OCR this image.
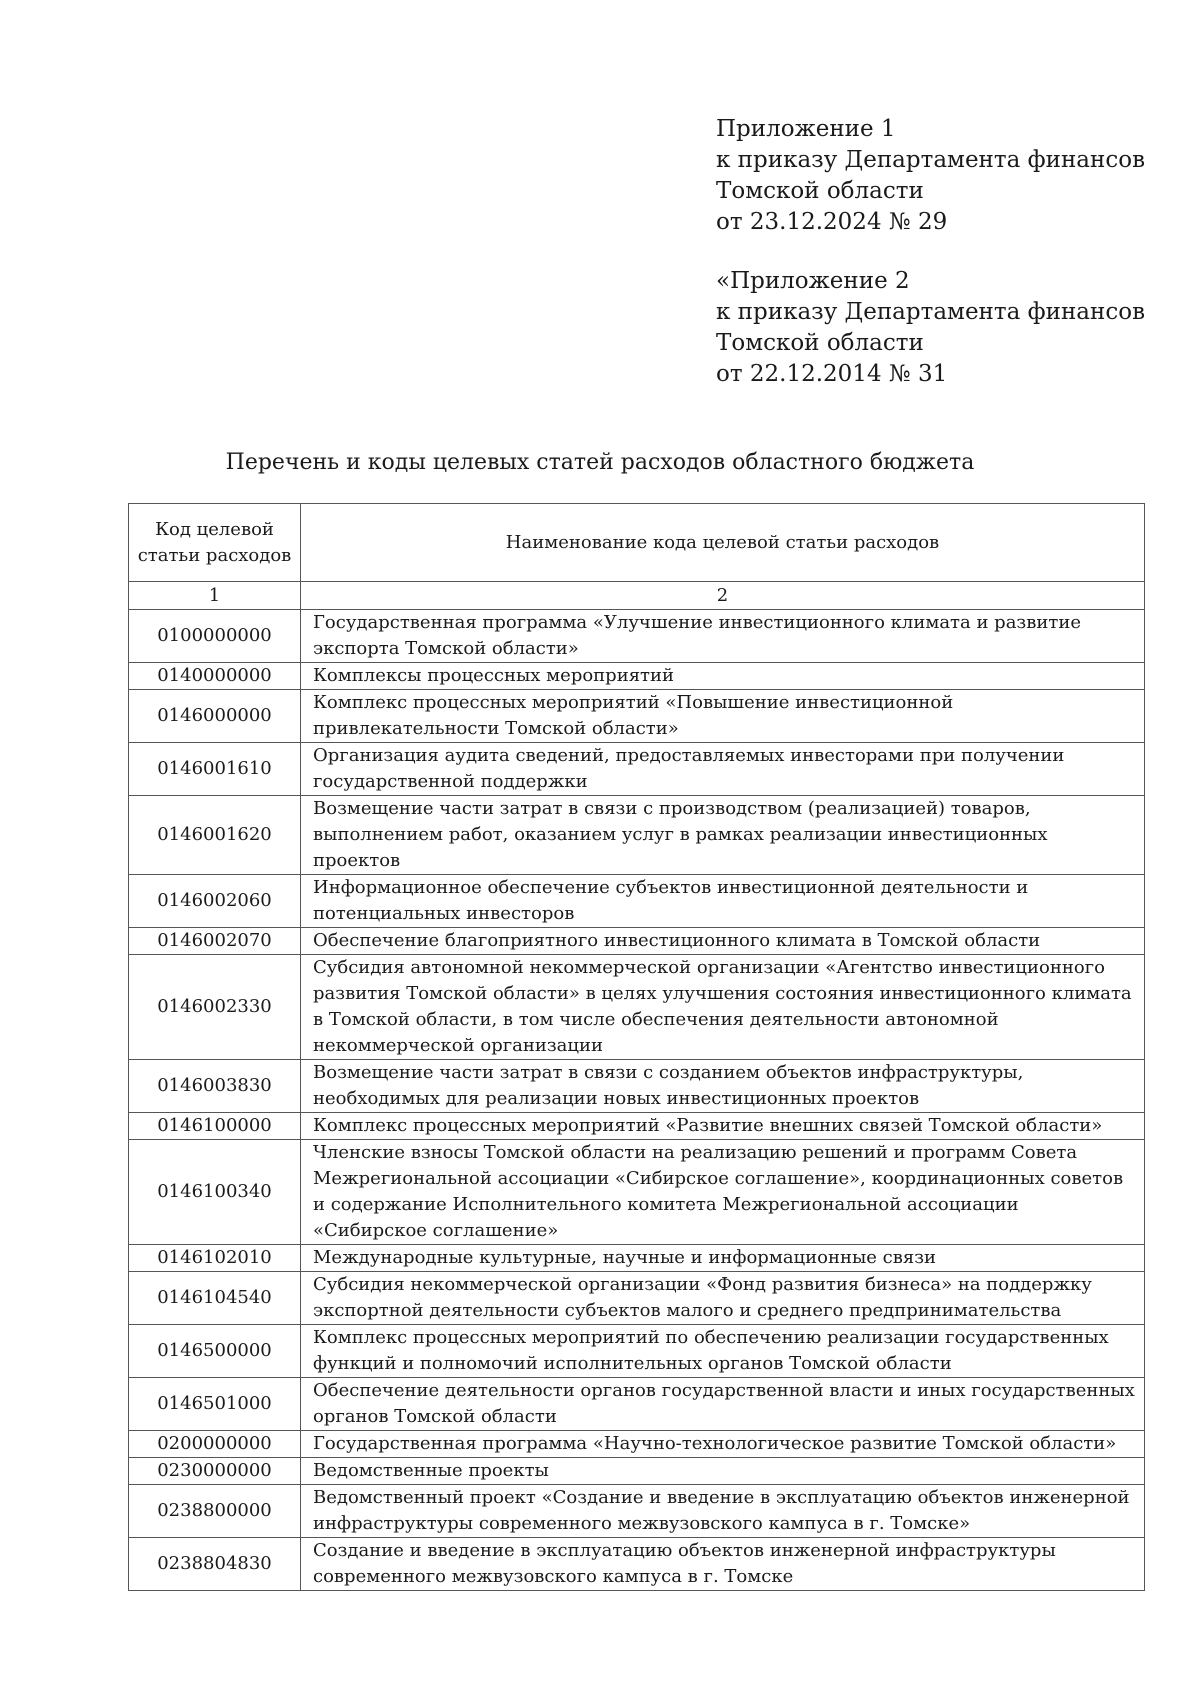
Приложение 1
к приказу Департамента финансов
Томской области
от 23.12.2024 № 29
«Приложение 2
к приказу Департамента финансов
Томской области
от 22.12.2014 № 31
Перечень и коды целевых статей расходов областного бюджета
Код целевой статьи расходов	Наименование кода целевой статьи расходов
1	2
0100000000	Государственная программа «Улучшение инвестиционного климата и развитие экспорта Томской области»
0140000000	Комплексы процессных мероприятий
0146000000	Комплекс процессных мероприятий «Повышение инвестиционной привлекательности Томской области»
0146001610	Организация аудита сведений, предоставляемых инвесторами при получении государственной поддержки
0146001620	Возмещение части затрат в связи с производством (реализацией) товаров, выполнением работ, оказанием услуг в рамках реализации инвестиционных проектов
0146002060	Информационное обеспечение субъектов инвестиционной деятельности и потенциальных инвесторов
0146002070	Обеспечение благоприятного инвестиционного климата в Томской области
0146002330	Субсидия автономной некоммерческой организации «Агентство инвестиционного развития Томской области» в целях улучшения состояния инвестиционного климата в Томской области, в том числе обеспечения деятельности автономной некоммерческой организации
0146003830	Возмещение части затрат в связи с созданием объектов инфраструктуры, необходимых для реализации новых инвестиционных проектов
0146100000	Комплекс процессных мероприятий «Развитие внешних связей Томской области»
0146100340	Членские взносы Томской области на реализацию решений и программ Совета Межрегиональной ассоциации «Сибирское соглашение», координационных советов и содержание Исполнительного комитета Межрегиональной ассоциации «Сибирское соглашение»
0146102010	Международные культурные, научные и информационные связи
0146104540	Субсидия некоммерческой организации «Фонд развития бизнеса» на поддержку экспортной деятельности субъектов малого и среднего предпринимательства
0146500000	Комплекс процессных мероприятий по обеспечению реализации государственных функций и полномочий исполнительных органов Томской области
0146501000	Обеспечение деятельности органов государственной власти и иных государственных органов Томской области
0200000000	Государственная программа «Научно-технологическое развитие Томской области»
0230000000	Ведомственные проекты
0238800000	Ведомственный проект «Создание и введение в эксплуатацию объектов инженерной инфраструктуры современного межвузовского кампуса в г. Томске»
0238804830	Создание и введение в эксплуатацию объектов инженерной инфраструктуры современного межвузовского кампуса в г. Томске
